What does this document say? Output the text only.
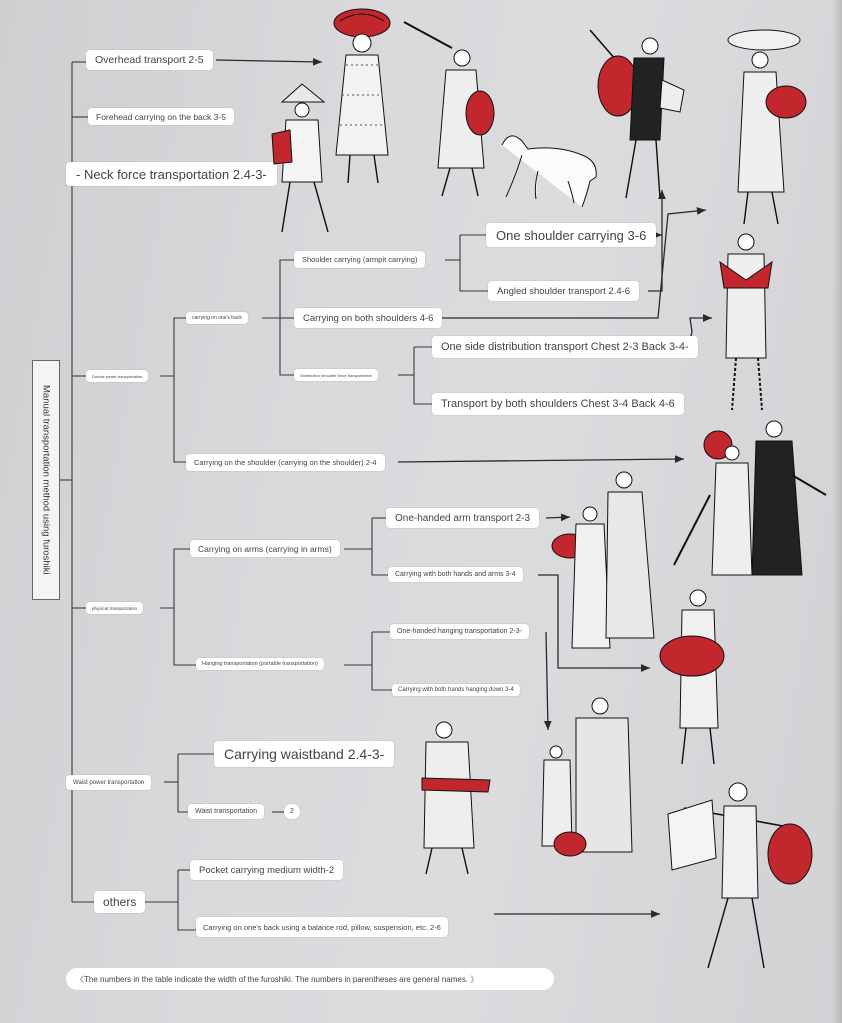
Manual transportation method using furoshiki
Overhead transport 2-5
Forehead carrying on the back 3-5
- Neck force transportation 2.4-3-
Double power transportation
physical transportation
Waist power transportation
others
carrying on one's back
Shoulder carrying (armpit carrying)
One shoulder carrying 3-6
Angled shoulder transport 2.4-6
Carrying on both shoulders 4-6
Distribution shoulder force transportation
One side distribution transport Chest 2-3 Back 3-4-
Transport by both shoulders Chest 3-4 Back 4-6
Carrying on the shoulder (carrying on the shoulder) 2-4
Carrying on arms (carrying in arms)
One-handed arm transport 2-3
Carrying with both hands and arms 3-4
Hanging transportation (portable transportation)
One-handed hanging transportation 2-3-
Carrying with both hands hanging down 3-4
Carrying waistband 2.4-3-
Waist transportation	2
Pocket carrying medium width-2
Carrying on one's back using a balance rod, pillow, suspension, etc. 2-6
《The numbers in the table indicate the width of the furoshiki. The numbers in parentheses are general names. 》
